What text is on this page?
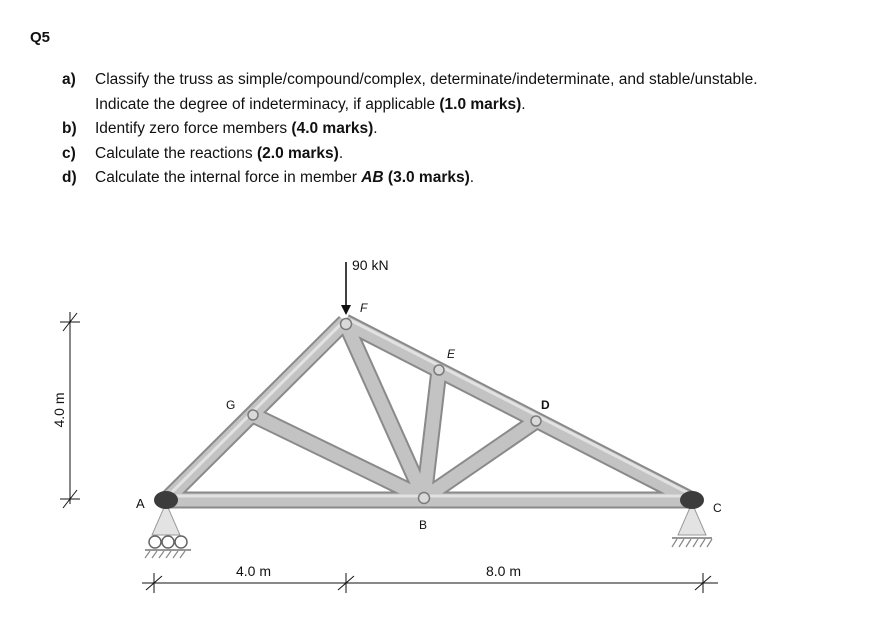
Q5
a)	Classify the truss as simple/compound/complex, determinate/indeterminate, and stable/unstable.
Indicate the degree of indeterminacy, if applicable (1.0 marks).
b)	Identify zero force members (4.0 marks).
c)	Calculate the reactions (2.0 marks).
d)	Calculate the internal force in member AB (3.0 marks).
90 kN
F
E
G	D
A
B
C
4.0 m
4.0 m	8.0 m
